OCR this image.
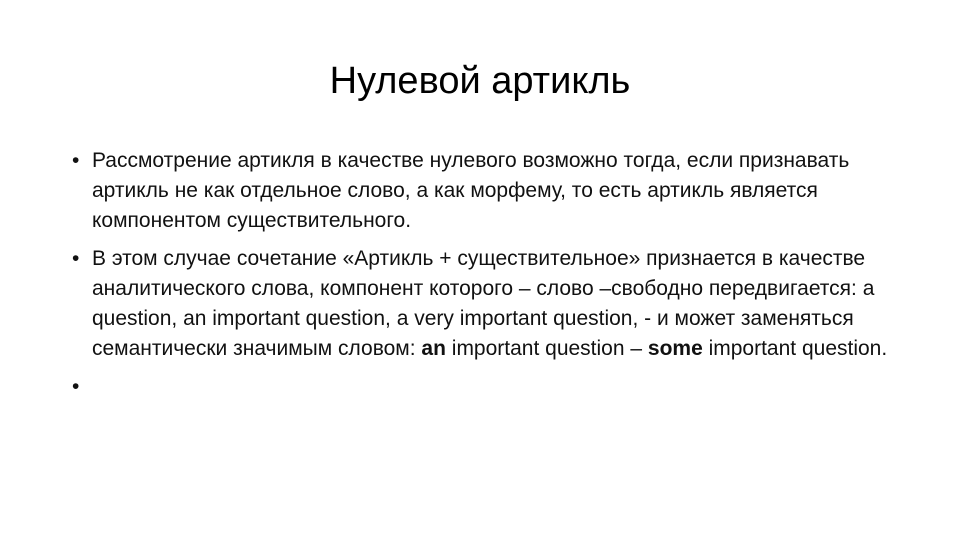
Нулевой артикль
• Рассмотрение артикля в качестве нулевого возможно тогда, если признавать артикль не как отдельное слово, а как морфему, то есть артикль является компонентом существительного.
• В этом случае сочетание «Артикль + существительное» признается в качестве аналитического слова, компонент которого – слово –свободно передвигается: a question, an important question, a very important question, - и может заменяться семантически значимым словом: an important question – some important question.
•
